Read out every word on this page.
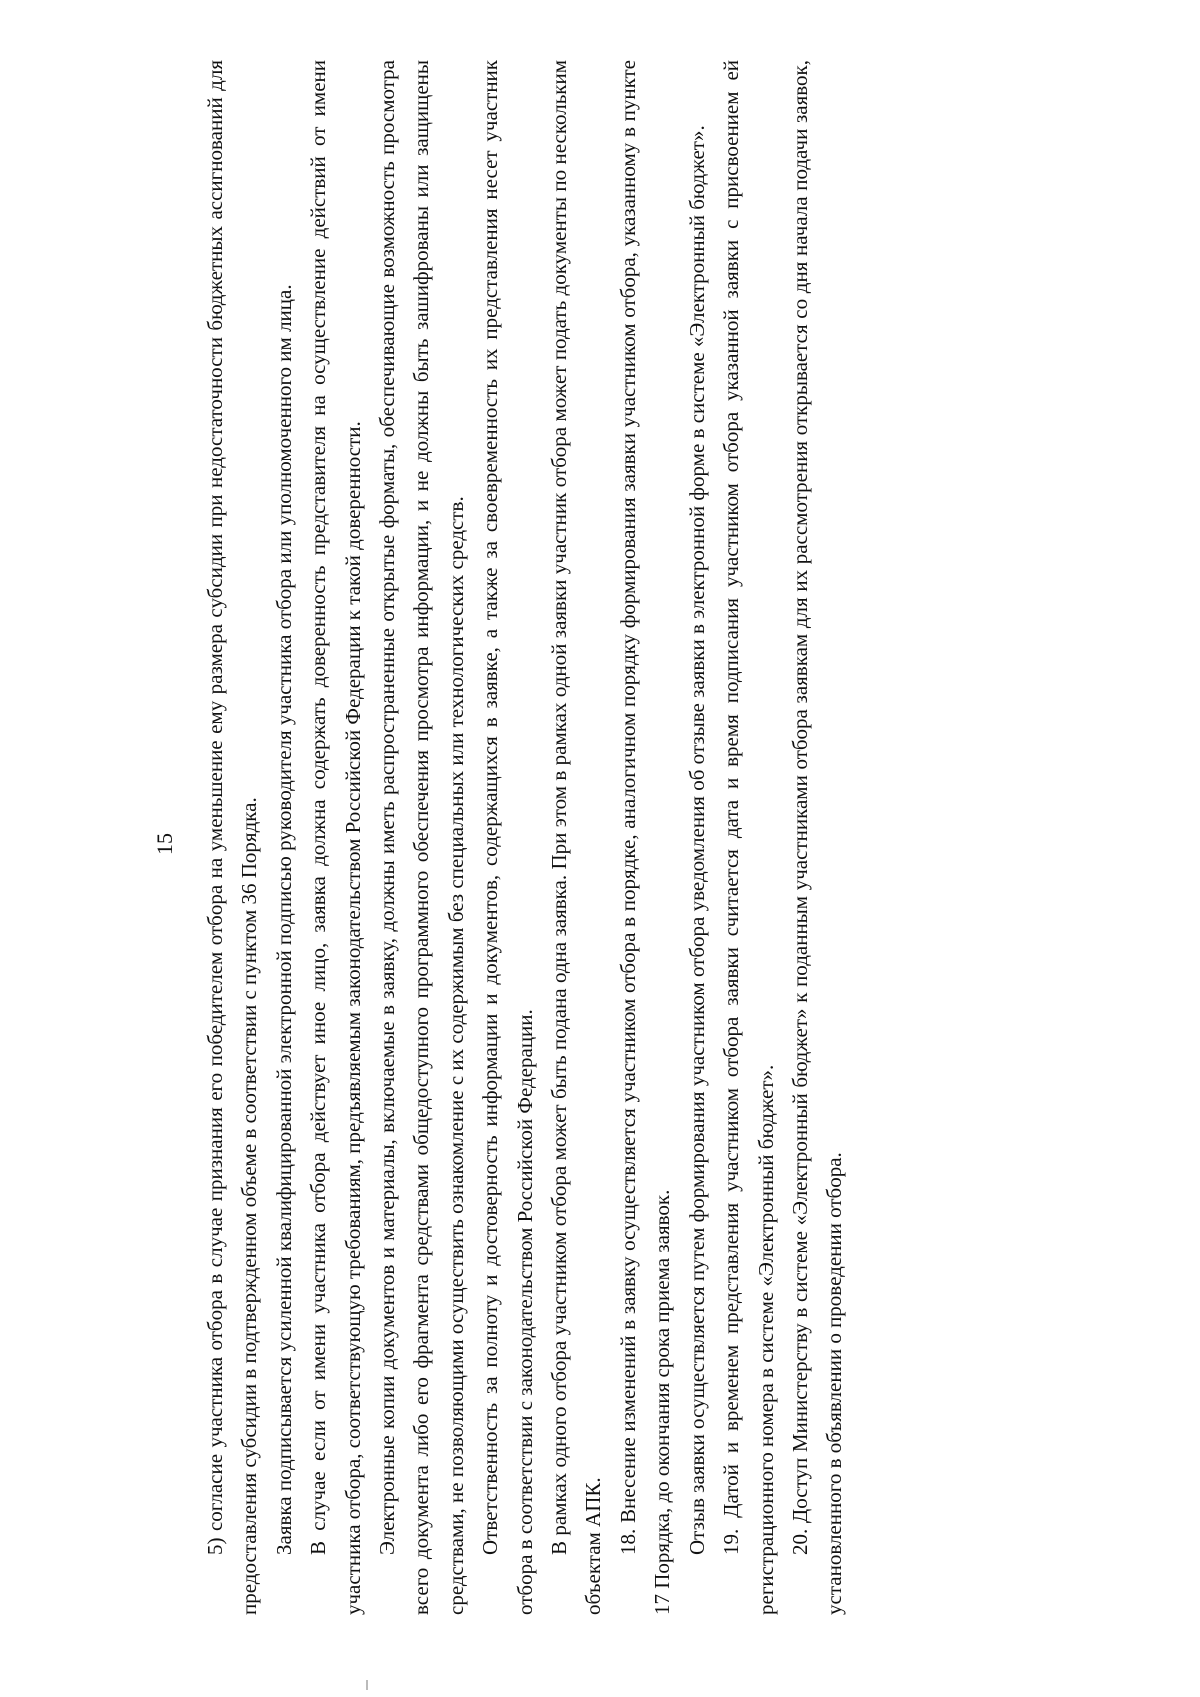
15 5) согласие участника отбора в случае признания его победителем отбора на уменьшение ему размера субсидии при недостаточности бюджетных ассигнований для предоставления субсидии в подтвержденном объеме в соответствии с пунктом 36 Порядка. Заявка подписывается усиленной квалифицированной электронной подписью руководителя участника отбора или уполномоченного им лица. В случае если от имени участника отбора действует иное лицо, заявка должна содержать доверенность представителя на осуществление действий от имени участника отбора, соответствующую требованиям, предъявляемым законодательством Российской Федерации к такой доверенности. Электронные копии документов и материалы, включаемые в заявку, должны иметь распространенные открытые форматы, обеспечивающие возможность просмотра всего документа либо его фрагмента средствами общедоступного программного обеспечения просмотра информации, и не должны быть зашифрованы или защищены средствами, не позволяющими осуществить ознакомление с их содержимым без специальных или технологических средств. Ответственность за полноту и достоверность информации и документов, содержащихся в заявке, а также за своевременность их представления несет участник отбора в соответствии с законодательством Российской Федерации. В рамках одного отбора участником отбора может быть подана одна заявка. При этом в рамках одной заявки участник отбора может подать документы по нескольким объектам АПК. 18. Внесение изменений в заявку осуществляется участником отбора в порядке, аналогичном порядку формирования заявки участником отбора, указанному в пункте 17 Порядка, до окончания срока приема заявок. Отзыв заявки осуществляется путем формирования участником отбора уведомления об отзыве заявки в электронной форме в системе «Электронный бюджет». 19. Датой и временем представления участником отбора заявки считается дата и время подписания участником отбора указанной заявки с присвоением ей регистрационного номера в системе «Электронный бюджет». 20. Доступ Министерству в системе «Электронный бюджет» к поданным участниками отбора заявкам для их рассмотрения открывается со дня начала подачи заявок, установленного в объявлении о проведении отбора.
